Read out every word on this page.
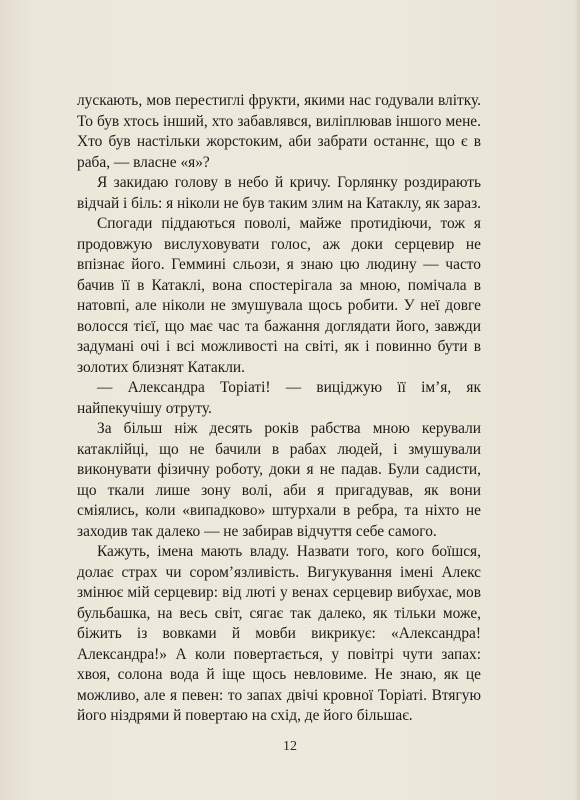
лускають, мов перестиглі фрукти, якими нас годували влітку. То був хтось інший, хто забавлявся, виліплював іншого мене. Хто був настільки жорстоким, аби забрати останнє, що є в раба, — власне «я»?

Я закидаю голову в небо й кричу. Горлянку роздирають відчай і біль: я ніколи не був таким злим на Катаклу, як зараз.

Спогади піддаються поволі, майже протидіючи, тож я продовжую вислуховувати голос, аж доки серцевир не впізнає його. Геммині сльози, я знаю цю людину — часто бачив її в Катаклі, вона спостерігала за мною, помічала в натовпі, але ніколи не змушувала щось робити. У неї довге волосся тієї, що має час та бажання доглядати його, завжди задумані очі і всі можливості на світі, як і повинно бути в золотих близнят Катакли.

— Александра Торіаті! — виціджую її ім’я, як найпекучішу отруту.

За більш ніж десять років рабства мною керували катаклійці, що не бачили в рабах людей, і змушували виконувати фізичну роботу, доки я не падав. Були садисти, що ткали лише зону волі, аби я пригадував, як вони сміялись, коли «випадково» штурхали в ребра, та ніхто не заходив так далеко — не забирав відчуття себе самого.

Кажуть, імена мають владу. Назвати того, кого боїшся, долає страх чи сором’язливість. Вигукування імені Алекс змінює мій серцевир: від люті у венах серцевир вибухає, мов бульбашка, на весь світ, сягає так далеко, як тільки може, біжить із вовками й мовби викрикує: «Александра! Александра!» А коли повертається, у повітрі чути запах: хвоя, солона вода й іще щось невловиме. Не знаю, як це можливо, але я певен: то запах двічі кровної Торіаті. Втягую його ніздрями й повертаю на схід, де його більшає.

12
